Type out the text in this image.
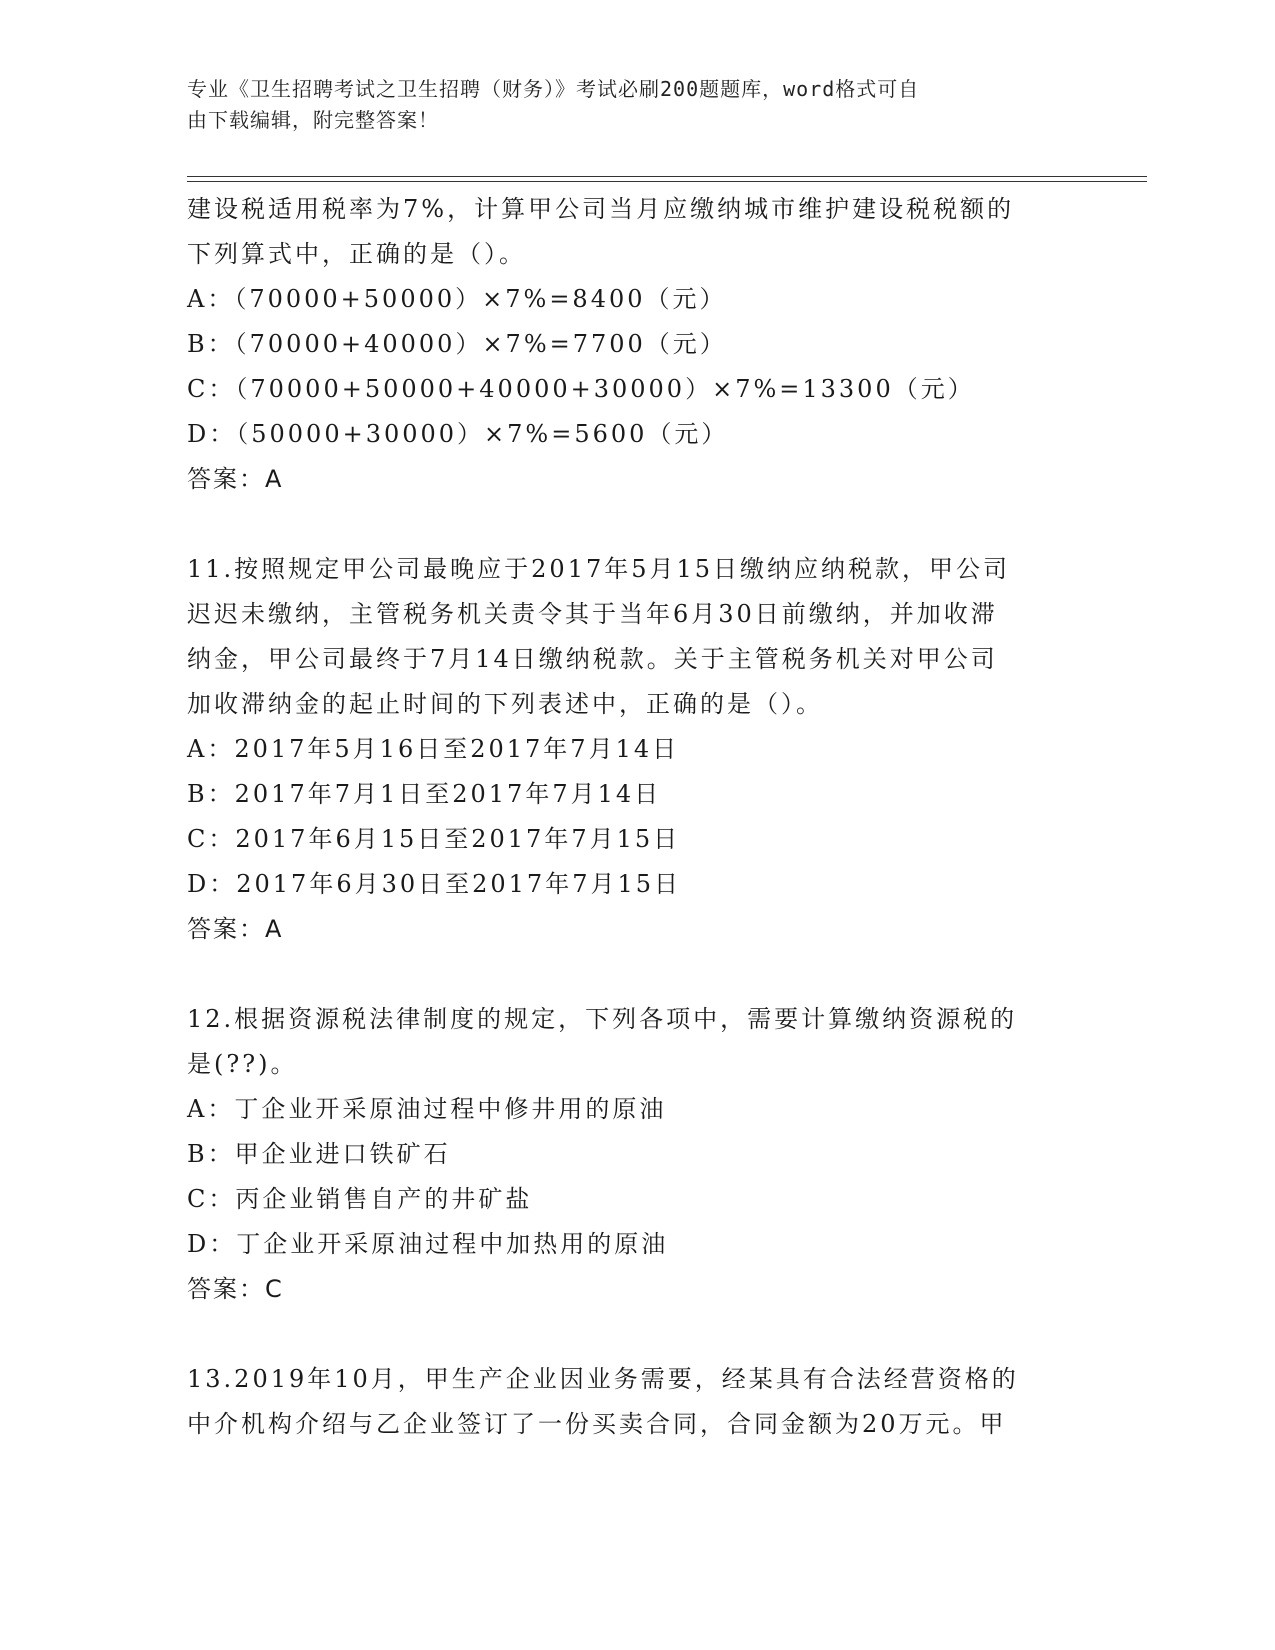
专业《卫生招聘考试之卫生招聘（财务）》考试必刷200题题库，word格式可自
由下载编辑，附完整答案！
建设税适用税率为7%，计算甲公司当月应缴纳城市维护建设税税额的
下列算式中，正确的是（）。
A：（70000+50000）×7%=8400（元）
B：（70000+40000）×7%=7700（元）
C：（70000+50000+40000+30000）×7%=13300（元）
D：（50000+30000）×7%=5600（元）
答案：A
11.按照规定甲公司最晚应于2017年5月15日缴纳应纳税款，甲公司
迟迟未缴纳，主管税务机关责令其于当年6月30日前缴纳，并加收滞
纳金，甲公司最终于7月14日缴纳税款。关于主管税务机关对甲公司
加收滞纳金的起止时间的下列表述中，正确的是（）。
A：2017年5月16日至2017年7月14日
B：2017年7月1日至2017年7月14日
C：2017年6月15日至2017年7月15日
D：2017年6月30日至2017年7月15日
答案：A
12.根据资源税法律制度的规定，下列各项中，需要计算缴纳资源税的
是(??)。
A：丁企业开采原油过程中修井用的原油
B：甲企业进口铁矿石
C：丙企业销售自产的井矿盐
D：丁企业开采原油过程中加热用的原油
答案：C
13.2019年10月，甲生产企业因业务需要，经某具有合法经营资格的
中介机构介绍与乙企业签订了一份买卖合同，合同金额为20万元。甲
